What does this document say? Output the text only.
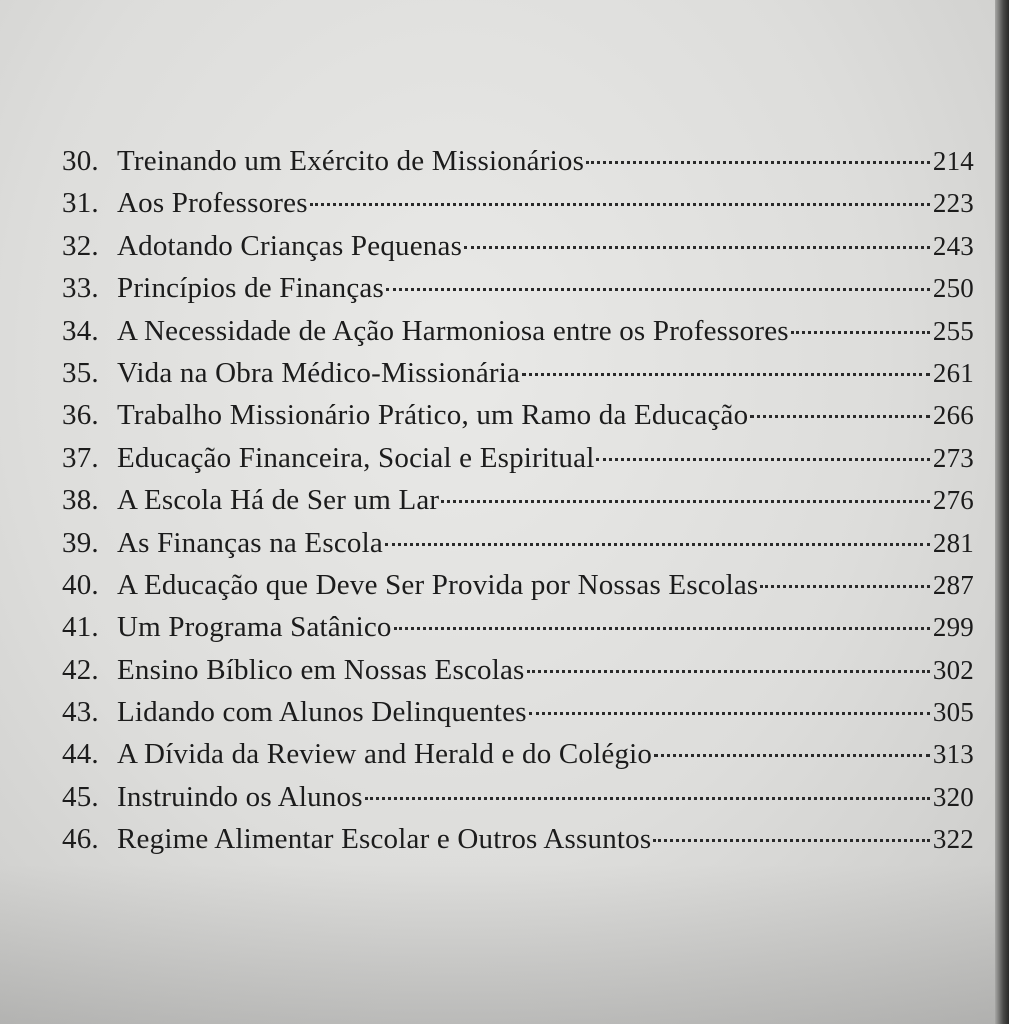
30. Treinando um Exército de Missionários	214
31. Aos Professores	223
32. Adotando Crianças Pequenas	243
33. Princípios de Finanças	250
34. A Necessidade de Ação Harmoniosa entre os Professores	255
35. Vida na Obra Médico-Missionária	261
36. Trabalho Missionário Prático, um Ramo da Educação	266
37. Educação Financeira, Social e Espiritual	273
38. A Escola Há de Ser um Lar	276
39. As Finanças na Escola	281
40. A Educação que Deve Ser Provida por Nossas Escolas	287
41. Um Programa Satânico	299
42. Ensino Bíblico em Nossas Escolas	302
43. Lidando com Alunos Delinquentes	305
44. A Dívida da Review and Herald e do Colégio	313
45. Instruindo os Alunos	320
46. Regime Alimentar Escolar e Outros Assuntos	322
